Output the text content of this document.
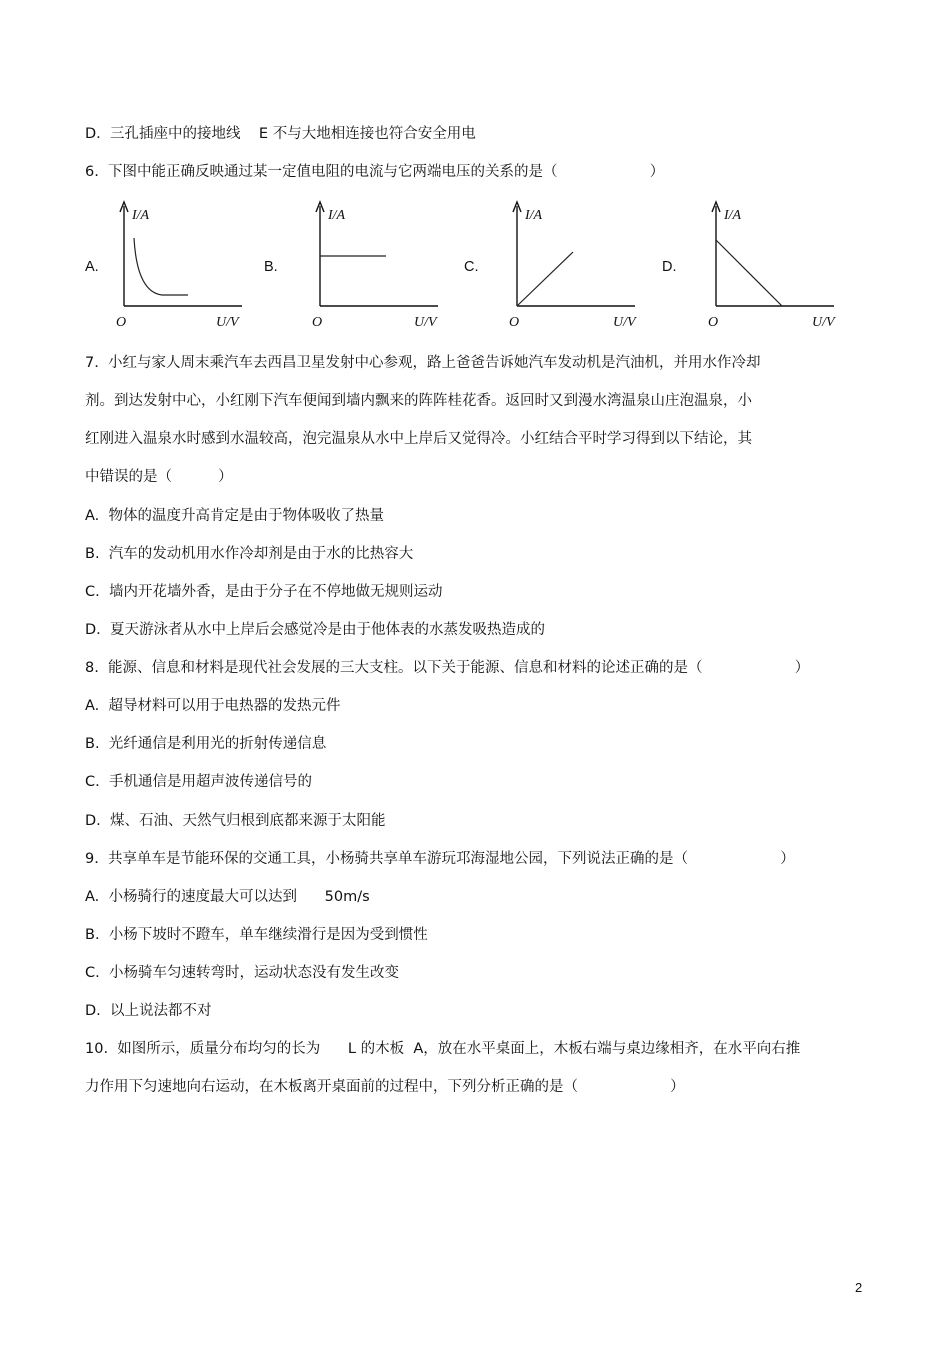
D.  三孔插座中的接地线    E 不与大地相连接也符合安全用电
6.  下图中能正确反映通过某一定值电阻的电流与它两端电压的关系的是（                    ）
A.
I/A
O	U/V
B.
I/A
O	U/V
C.
I/A
O	U/V
D.
I/A
O	U/V
7.  小红与家人周末乘汽车去西昌卫星发射中心参观，路上爸爸告诉她汽车发动机是汽油机，并用水作冷却
剂。到达发射中心，小红刚下汽车便闻到墙内飘来的阵阵桂花香。返回时又到漫水湾温泉山庄泡温泉，小
红刚进入温泉水时感到水温较高，泡完温泉从水中上岸后又觉得冷。小红结合平时学习得到以下结论，其
中错误的是（          ）
A.  物体的温度升高肯定是由于物体吸收了热量
B.  汽车的发动机用水作冷却剂是由于水的比热容大
C.  墙内开花墙外香，是由于分子在不停地做无规则运动
D.  夏天游泳者从水中上岸后会感觉冷是由于他体表的水蒸发吸热造成的
8.  能源、信息和材料是现代社会发展的三大支柱。以下关于能源、信息和材料的论述正确的是（                    ）
A.  超导材料可以用于电热器的发热元件
B.  光纤通信是利用光的折射传递信息
C.  手机通信是用超声波传递信号的
D.  煤、石油、天然气归根到底都来源于太阳能
9.  共享单车是节能环保的交通工具，小杨骑共享单车游玩邛海湿地公园，下列说法正确的是（                    ）
A.  小杨骑行的速度最大可以达到      50m/s
B.  小杨下坡时不蹬车，单车继续滑行是因为受到惯性
C.  小杨骑车匀速转弯时，运动状态没有发生改变
D.  以上说法都不对
10.  如图所示，质量分布均匀的长为      L 的木板  A，放在水平桌面上，木板右端与桌边缘相齐，在水平向右推
力作用下匀速地向右运动，在木板离开桌面前的过程中，下列分析正确的是（                    ）
2
